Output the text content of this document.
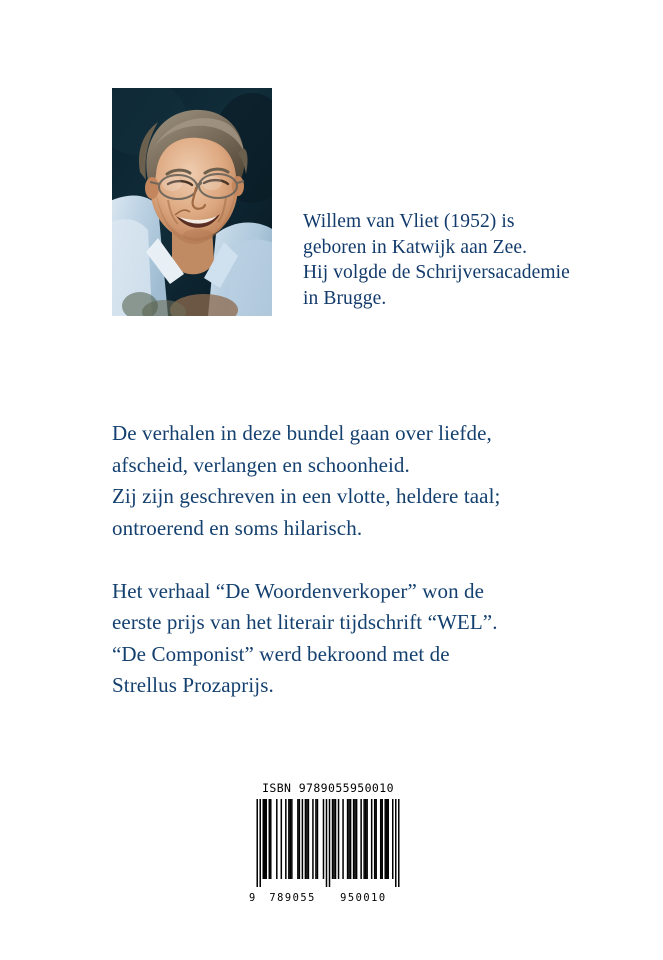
Willem van Vliet (1952) is
geboren in Katwijk aan Zee.
Hij volgde de Schrijversacademie
in Brugge.
De verhalen in deze bundel gaan over liefde,
afscheid, verlangen en schoonheid.
Zij zijn geschreven in een vlotte, heldere taal;
ontroerend en soms hilarisch.
Het verhaal “De Woordenverkoper” won de
eerste prijs van het literair tijdschrift “WEL”.
“De Componist” werd bekroond met de
Strellus Prozaprijs.
ISBN 9789055950010
9 789055 950010
